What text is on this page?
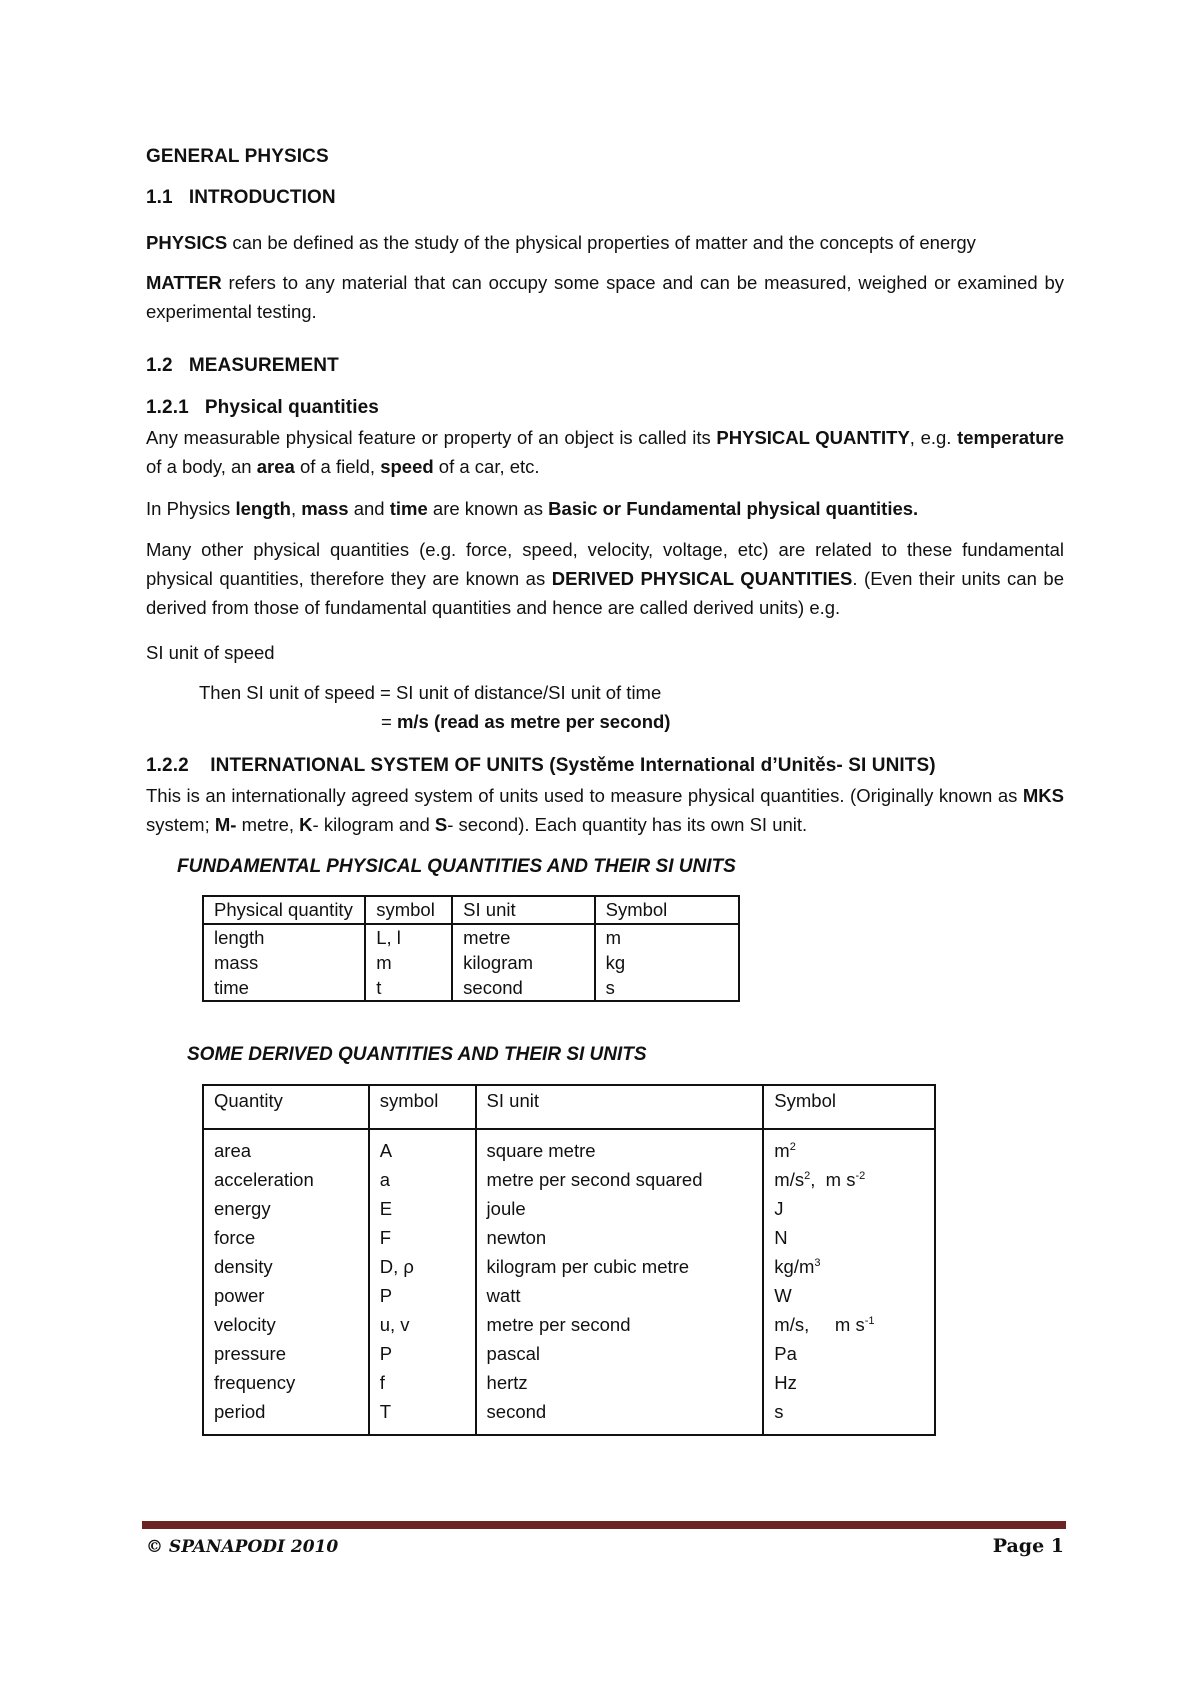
GENERAL PHYSICS
1.1   INTRODUCTION
PHYSICS can be defined as the study of the physical properties of matter and the concepts of energy
MATTER refers to any material that can occupy some space and can be measured, weighed or examined by experimental testing.
1.2   MEASUREMENT
1.2.1   Physical quantities
Any measurable physical feature or property of an object is called its PHYSICAL QUANTITY, e.g. temperature of a body, an area of a field, speed of a car, etc.
In Physics length, mass and time are known as Basic or Fundamental physical quantities.
Many other physical quantities (e.g. force, speed, velocity, voltage, etc) are related to these fundamental physical quantities, therefore they are known as DERIVED PHYSICAL QUANTITIES. (Even their units can be derived from those of fundamental quantities and hence are called derived units) e.g.
SI unit of speed
Then SI unit of speed = SI unit of distance/SI unit of time
= m/s (read as metre per second)
1.2.2    INTERNATIONAL SYSTEM OF UNITS (Systěme International d’Unitěs- SI UNITS)
This is an internationally agreed system of units used to measure physical quantities. (Originally known as MKS system; M- metre, K- kilogram and S- second). Each quantity has its own SI unit.
FUNDAMENTAL PHYSICAL QUANTITIES AND THEIR SI UNITS
Physical quantity	symbol	SI unit	Symbol
length	L, l	metre	m
mass	m	kilogram	kg
time	t	second	s
SOME DERIVED QUANTITIES AND THEIR SI UNITS
Quantity	symbol	SI unit	Symbol
area	A	square metre	$m^2$
acceleration	a	metre per second squared	$m/s^2$,  m $s^{-2}$
energy	E	joule	J
force	F	newton	N
density	D, ρ	kilogram per cubic metre	$kg/m^3$
power	P	watt	W
velocity	u, v	metre per second	m/s,     m $s^{-1}$
pressure	P	pascal	Pa
frequency	f	hertz	Hz
period	T	second	s
© SPANAPODI 2010	Page 1
